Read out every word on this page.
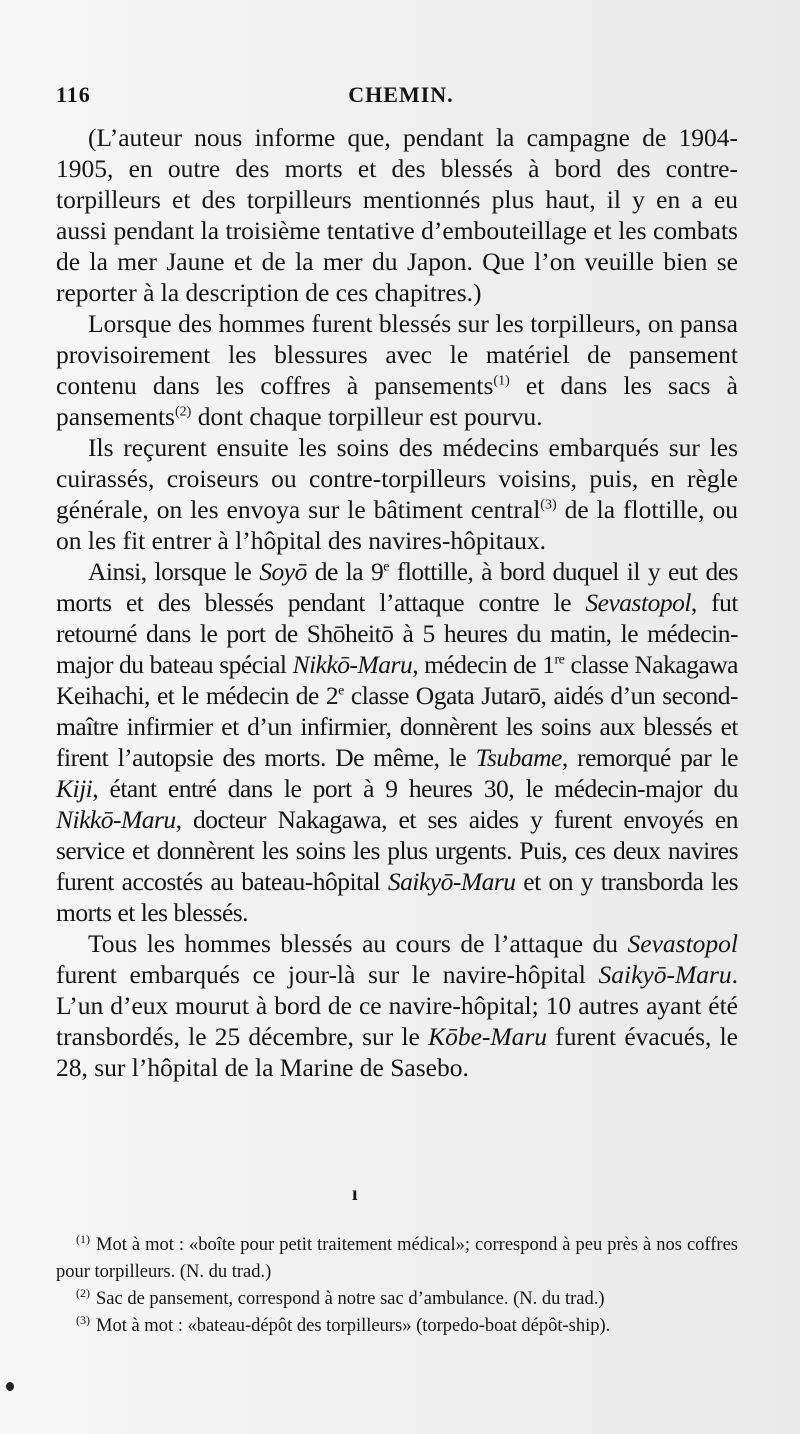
116	CHEMIN.

(L’auteur nous informe que, pendant la campagne de 1904-1905, en outre des morts et des blessés à bord des contre-torpilleurs et des torpilleurs mentionnés plus haut, il y en a eu aussi pendant la troisième tentative d’embouteillage et les combats de la mer Jaune et de la mer du Japon. Que l’on veuille bien se reporter à la description de ces chapitres.)

Lorsque des hommes furent blessés sur les torpilleurs, on pansa provisoirement les blessures avec le matériel de pansement contenu dans les coffres à pansements$^{(1)}$ et dans les sacs à pansements$^{(2)}$ dont chaque torpilleur est pourvu.

Ils reçurent ensuite les soins des médecins embarqués sur les cuirassés, croiseurs ou contre-torpilleurs voisins, puis, en règle générale, on les envoya sur le bâtiment central$^{(3)}$ de la flottille, ou on les fit entrer à l’hôpital des navires-hôpitaux.

Ainsi, lorsque le Soyō de la 9e flottille, à bord duquel il y eut des morts et des blessés pendant l’attaque contre le Sevastopol, fut retourné dans le port de Shōheitō à 5 heures du matin, le médecin-major du bateau spécial Nikkō-Maru, médecin de 1re classe Nakagawa Keihachi, et le médecin de 2e classe Ogata Jutarō, aidés d’un second-maître infirmier et d’un infirmier, donnèrent les soins aux blessés et firent l’autopsie des morts. De même, le Tsubame, remorqué par le Kiji, étant entré dans le port à 9 heures 30, le médecin-major du Nikkō-Maru, docteur Nakagawa, et ses aides y furent envoyés en service et donnèrent les soins les plus urgents. Puis, ces deux navires furent accostés au bateau-hôpital Saikyō-Maru et on y transborda les morts et les blessés.

Tous les hommes blessés au cours de l’attaque du Sevastopol furent embarqués ce jour-là sur le navire-hôpital Saikyō-Maru. L’un d’eux mourut à bord de ce navire-hôpital; 10 autres ayant été transbordés, le 25 décembre, sur le Kōbe-Maru furent évacués, le 28, sur l’hôpital de la Marine de Sasebo.

ı

$^{(1)}$ Mot à mot : «boîte pour petit traitement médical»; correspond à peu près à nos coffres pour torpilleurs. (N. du trad.)

$^{(2)}$ Sac de pansement, correspond à notre sac d’ambulance. (N. du trad.)

$^{(3)}$ Mot à mot : «bateau-dépôt des torpilleurs» (torpedo-boat dépôt-ship).
